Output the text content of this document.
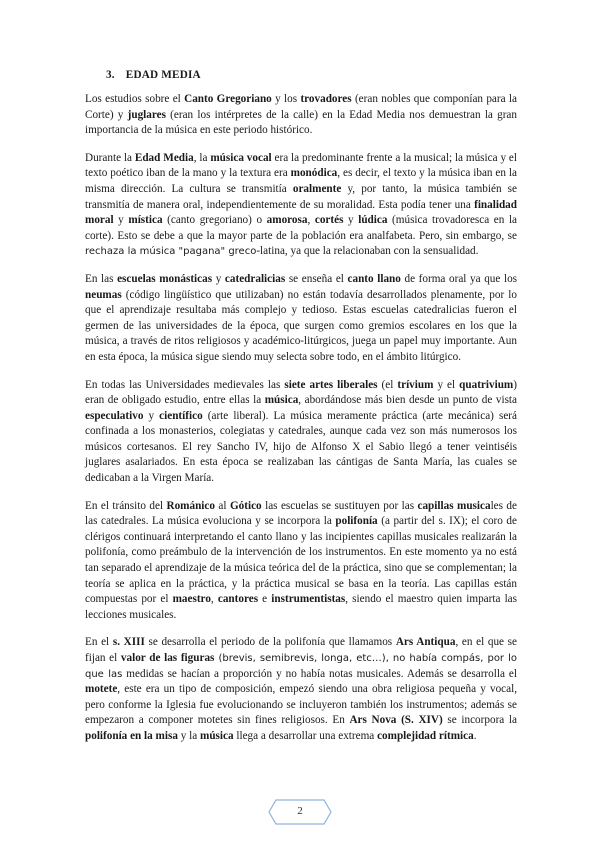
3. EDAD MEDIA

Los estudios sobre el Canto Gregoriano y los trovadores (eran nobles que componían para la Corte) y juglares (eran los intérpretes de la calle) en la Edad Media nos demuestran la gran importancia de la música en este periodo histórico.

Durante la Edad Media, la música vocal era la predominante frente a la musical; la música y el texto poético iban de la mano y la textura era monódica, es decir, el texto y la música iban en la misma dirección. La cultura se transmitía oralmente y, por tanto, la música también se transmitía de manera oral, independientemente de su moralidad. Esta podía tener una finalidad moral y mística (canto gregoriano) o amorosa, cortés y lúdica (música trovadoresca en la corte). Esto se debe a que la mayor parte de la población era analfabeta. Pero, sin embargo, se rechaza la música "pagana" greco-latina, ya que la relacionaban con la sensualidad.

En las escuelas monásticas y catedralicias se enseña el canto llano de forma oral ya que los neumas (código lingüístico que utilizaban) no están todavía desarrollados plenamente, por lo que el aprendizaje resultaba más complejo y tedioso. Estas escuelas catedralicias fueron el germen de las universidades de la época, que surgen como gremios escolares en los que la música, a través de ritos religiosos y académico-litúrgicos, juega un papel muy importante. Aun en esta época, la música sigue siendo muy selecta sobre todo, en el ámbito litúrgico.

En todas las Universidades medievales las siete artes liberales (el trívium y el quatrivium) eran de obligado estudio, entre ellas la música, abordándose más bien desde un punto de vista especulativo y científico (arte liberal). La música meramente práctica (arte mecánica) será confinada a los monasterios, colegiatas y catedrales, aunque cada vez son más numerosos los músicos cortesanos. El rey Sancho IV, hijo de Alfonso X el Sabio llegó a tener veintiséis juglares asalariados. En esta época se realizaban las cántigas de Santa María, las cuales se dedicaban a la Virgen María.

En el tránsito del Románico al Gótico las escuelas se sustituyen por las capillas musicales de las catedrales. La música evoluciona y se incorpora la polifonía (a partir del s. IX); el coro de clérigos continuará interpretando el canto llano y las incipientes capillas musicales realizarán la polifonía, como preámbulo de la intervención de los instrumentos. En este momento ya no está tan separado el aprendizaje de la música teórica del de la práctica, sino que se complementan; la teoría se aplica en la práctica, y la práctica musical se basa en la teoría. Las capillas están compuestas por el maestro, cantores e instrumentistas, siendo el maestro quien imparta las lecciones musicales.

En el s. XIII se desarrolla el periodo de la polifonía que llamamos Ars Antiqua, en el que se fijan el valor de las figuras (brevis, semibrevis, longa, etc…), no había compás, por lo que las medidas se hacían a proporción y no había notas musicales. Además se desarrolla el motete, este era un tipo de composición, empezó siendo una obra religiosa pequeña y vocal, pero conforme la Iglesia fue evolucionando se incluyeron también los instrumentos; además se empezaron a componer motetes sin fines religiosos. En Ars Nova (S. XIV) se incorpora la polifonía en la misa y la música llega a desarrollar una extrema complejidad rítmica.

2
